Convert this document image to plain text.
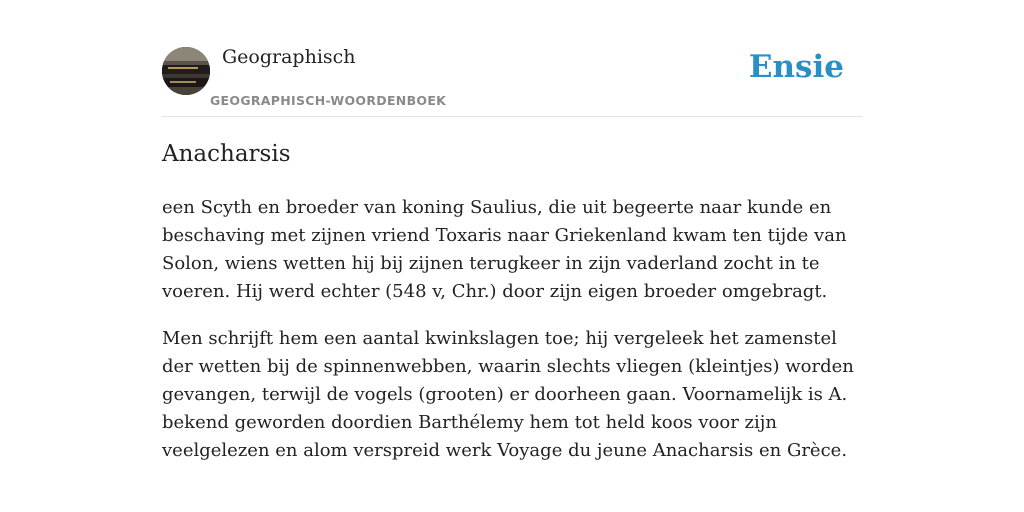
Geographisch
GEOGRAPHISCH-WOORDENBOEK
Ensie
Anacharsis

een Scyth en broeder van koning Saulius, die uit begeerte naar kunde en beschaving met zijnen vriend Toxaris naar Griekenland kwam ten tijde van Solon, wiens wetten hij bij zijnen terugkeer in zijn vaderland zocht in te voeren. Hij werd echter (548 v, Chr.) door zijn eigen broeder omgebragt.

Men schrijft hem een aantal kwinkslagen toe; hij vergeleek het zamenstel der wetten bij de spinnenwebben, waarin slechts vliegen (kleintjes) worden gevangen, terwijl de vogels (grooten) er doorheen gaan. Voornamelijk is A. bekend geworden doordien Barthélemy hem tot held koos voor zijn veelgelezen en alom verspreid werk Voyage du jeune Anacharsis en Grèce.
